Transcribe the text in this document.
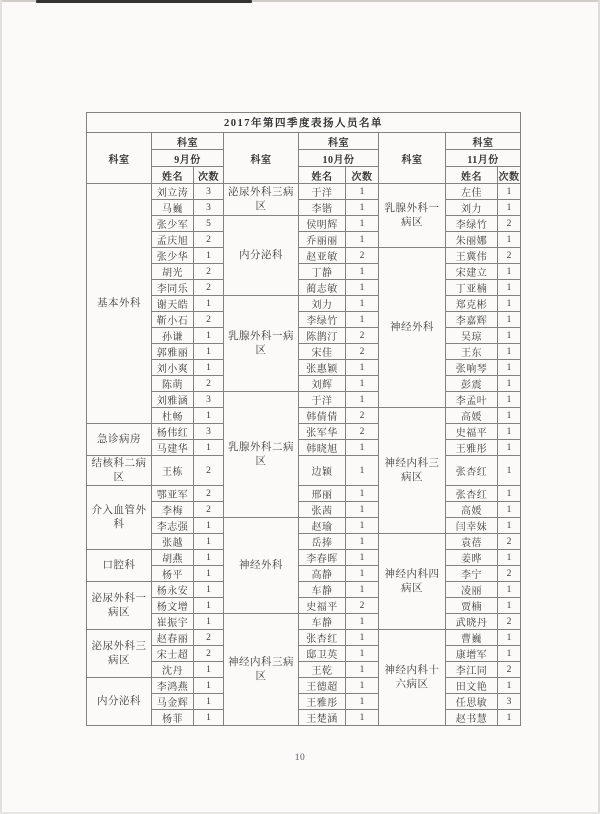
2017年第四季度表扬人员名单								
科室	科室		科室	科室		科室	科室	
	9月份			10月份			11月份	
	姓名	次数		姓名	次数		姓名	次数
基本外科	刘立涛	3	泌尿外科三病区	于洋	1	乳腺外科一病区	左佳	1
	马巍	3		李锴	1		刘力	1
	张少军	5	内分泌科	侯明辉	1		李绿竹	2
	孟庆旭	2		乔丽丽	1		朱丽娜	1
	张少华	1		赵亚敏	2	神经外科	王冀伟	2
	胡光	2		丁静	1		宋建立	1
	李同乐	2		蔺志敏	1		丁亚楠	1
	谢天皓	1	乳腺外科一病区	刘力	1		郑克彬	1
	靳小石	2		李绿竹	1		李嘉辉	1
	孙谦	1		陈鹊汀	2		吴琼	1
	郭雅丽	1		宋佳	2		王东	1
	刘小爽	1		张惠颖	1		张响琴	1
	陈萌	2		刘辉	1		彭震	1
	刘雅涵	3	乳腺外科二病区	于洋	1		李孟叶	1
	杜畅	1		韩倩倩	2	神经内科三病区	高媛	1
急诊病房	杨伟红	3		张军华	2		史福平	1
	马建华	1		韩晓旭	1		王雅彤	1
结核科二病区	王栋	2		边颖	1		张杏红	1
介入血管外科	鄂亚军	2		邢丽	1		张杏红	1
	李梅	2		张茜	1		高媛	1
	李志强	1	神经外科	赵瑜	1		闫幸妹	1
	张越	1		岳捧	1	神经内科四病区	袁蓓	2
口腔科	胡燕	1		李春晖	1		姜晔	1
	杨平	1		高静	1		李宁	2
泌尿外科一病区	杨永安	1		车静	1		凌丽	1
	杨文增	1		史福平	2		贾楠	1
	崔振宇	1	神经内科三病区	车静	1		武晓丹	2
泌尿外科三病区	赵春丽	2		张杏红	1	神经内科十六病区	曹巍	1
	宋士超	2		邸卫英	1		康增军	1
	沈丹	1		王乾	1		李江同	2
内分泌科	李鸿燕	1		王德超	1		田文艳	1
	马金辉	1		王雅彤	1		任思敏	3
	杨菲	1		王楚涵	1		赵书慧	1
10
